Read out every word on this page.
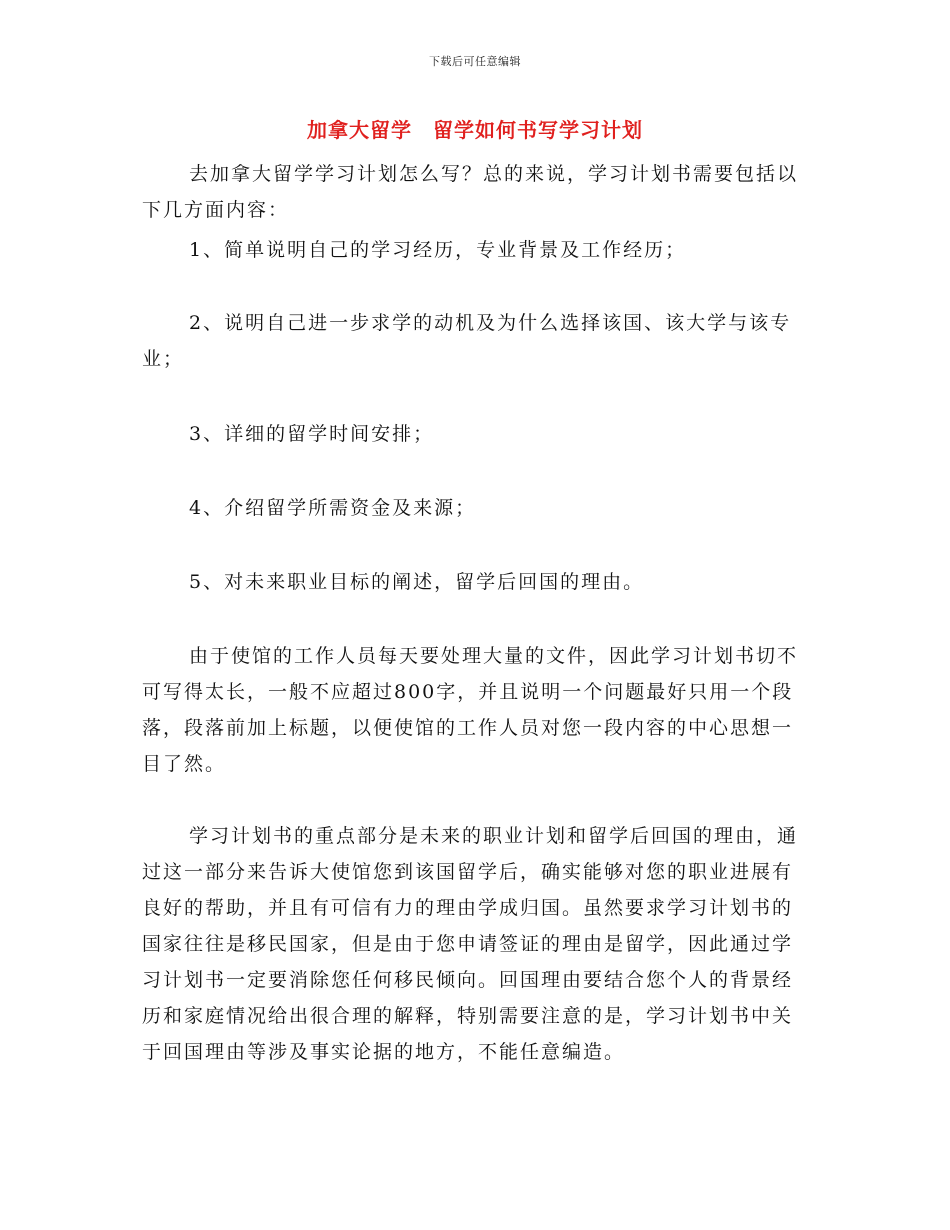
下载后可任意编辑
加拿大留学　留学如何书写学习计划

去加拿大留学学习计划怎么写？总的来说，学习计划书需要包括以下几方面内容：

1、简单说明自己的学习经历，专业背景及工作经历；

2、说明自己进一步求学的动机及为什么选择该国、该大学与该专业；

3、详细的留学时间安排；

4、介绍留学所需资金及来源；

5、对未来职业目标的阐述，留学后回国的理由。

由于使馆的工作人员每天要处理大量的文件，因此学习计划书切不可写得太长，一般不应超过800字，并且说明一个问题最好只用一个段落，段落前加上标题，以便使馆的工作人员对您一段内容的中心思想一目了然。

学习计划书的重点部分是未来的职业计划和留学后回国的理由，通过这一部分来告诉大使馆您到该国留学后，确实能够对您的职业进展有良好的帮助，并且有可信有力的理由学成归国。虽然要求学习计划书的国家往往是移民国家，但是由于您申请签证的理由是留学，因此通过学习计划书一定要消除您任何移民倾向。回国理由要结合您个人的背景经历和家庭情况给出很合理的解释，特别需要注意的是，学习计划书中关于回国理由等涉及事实论据的地方，不能任意编造。
